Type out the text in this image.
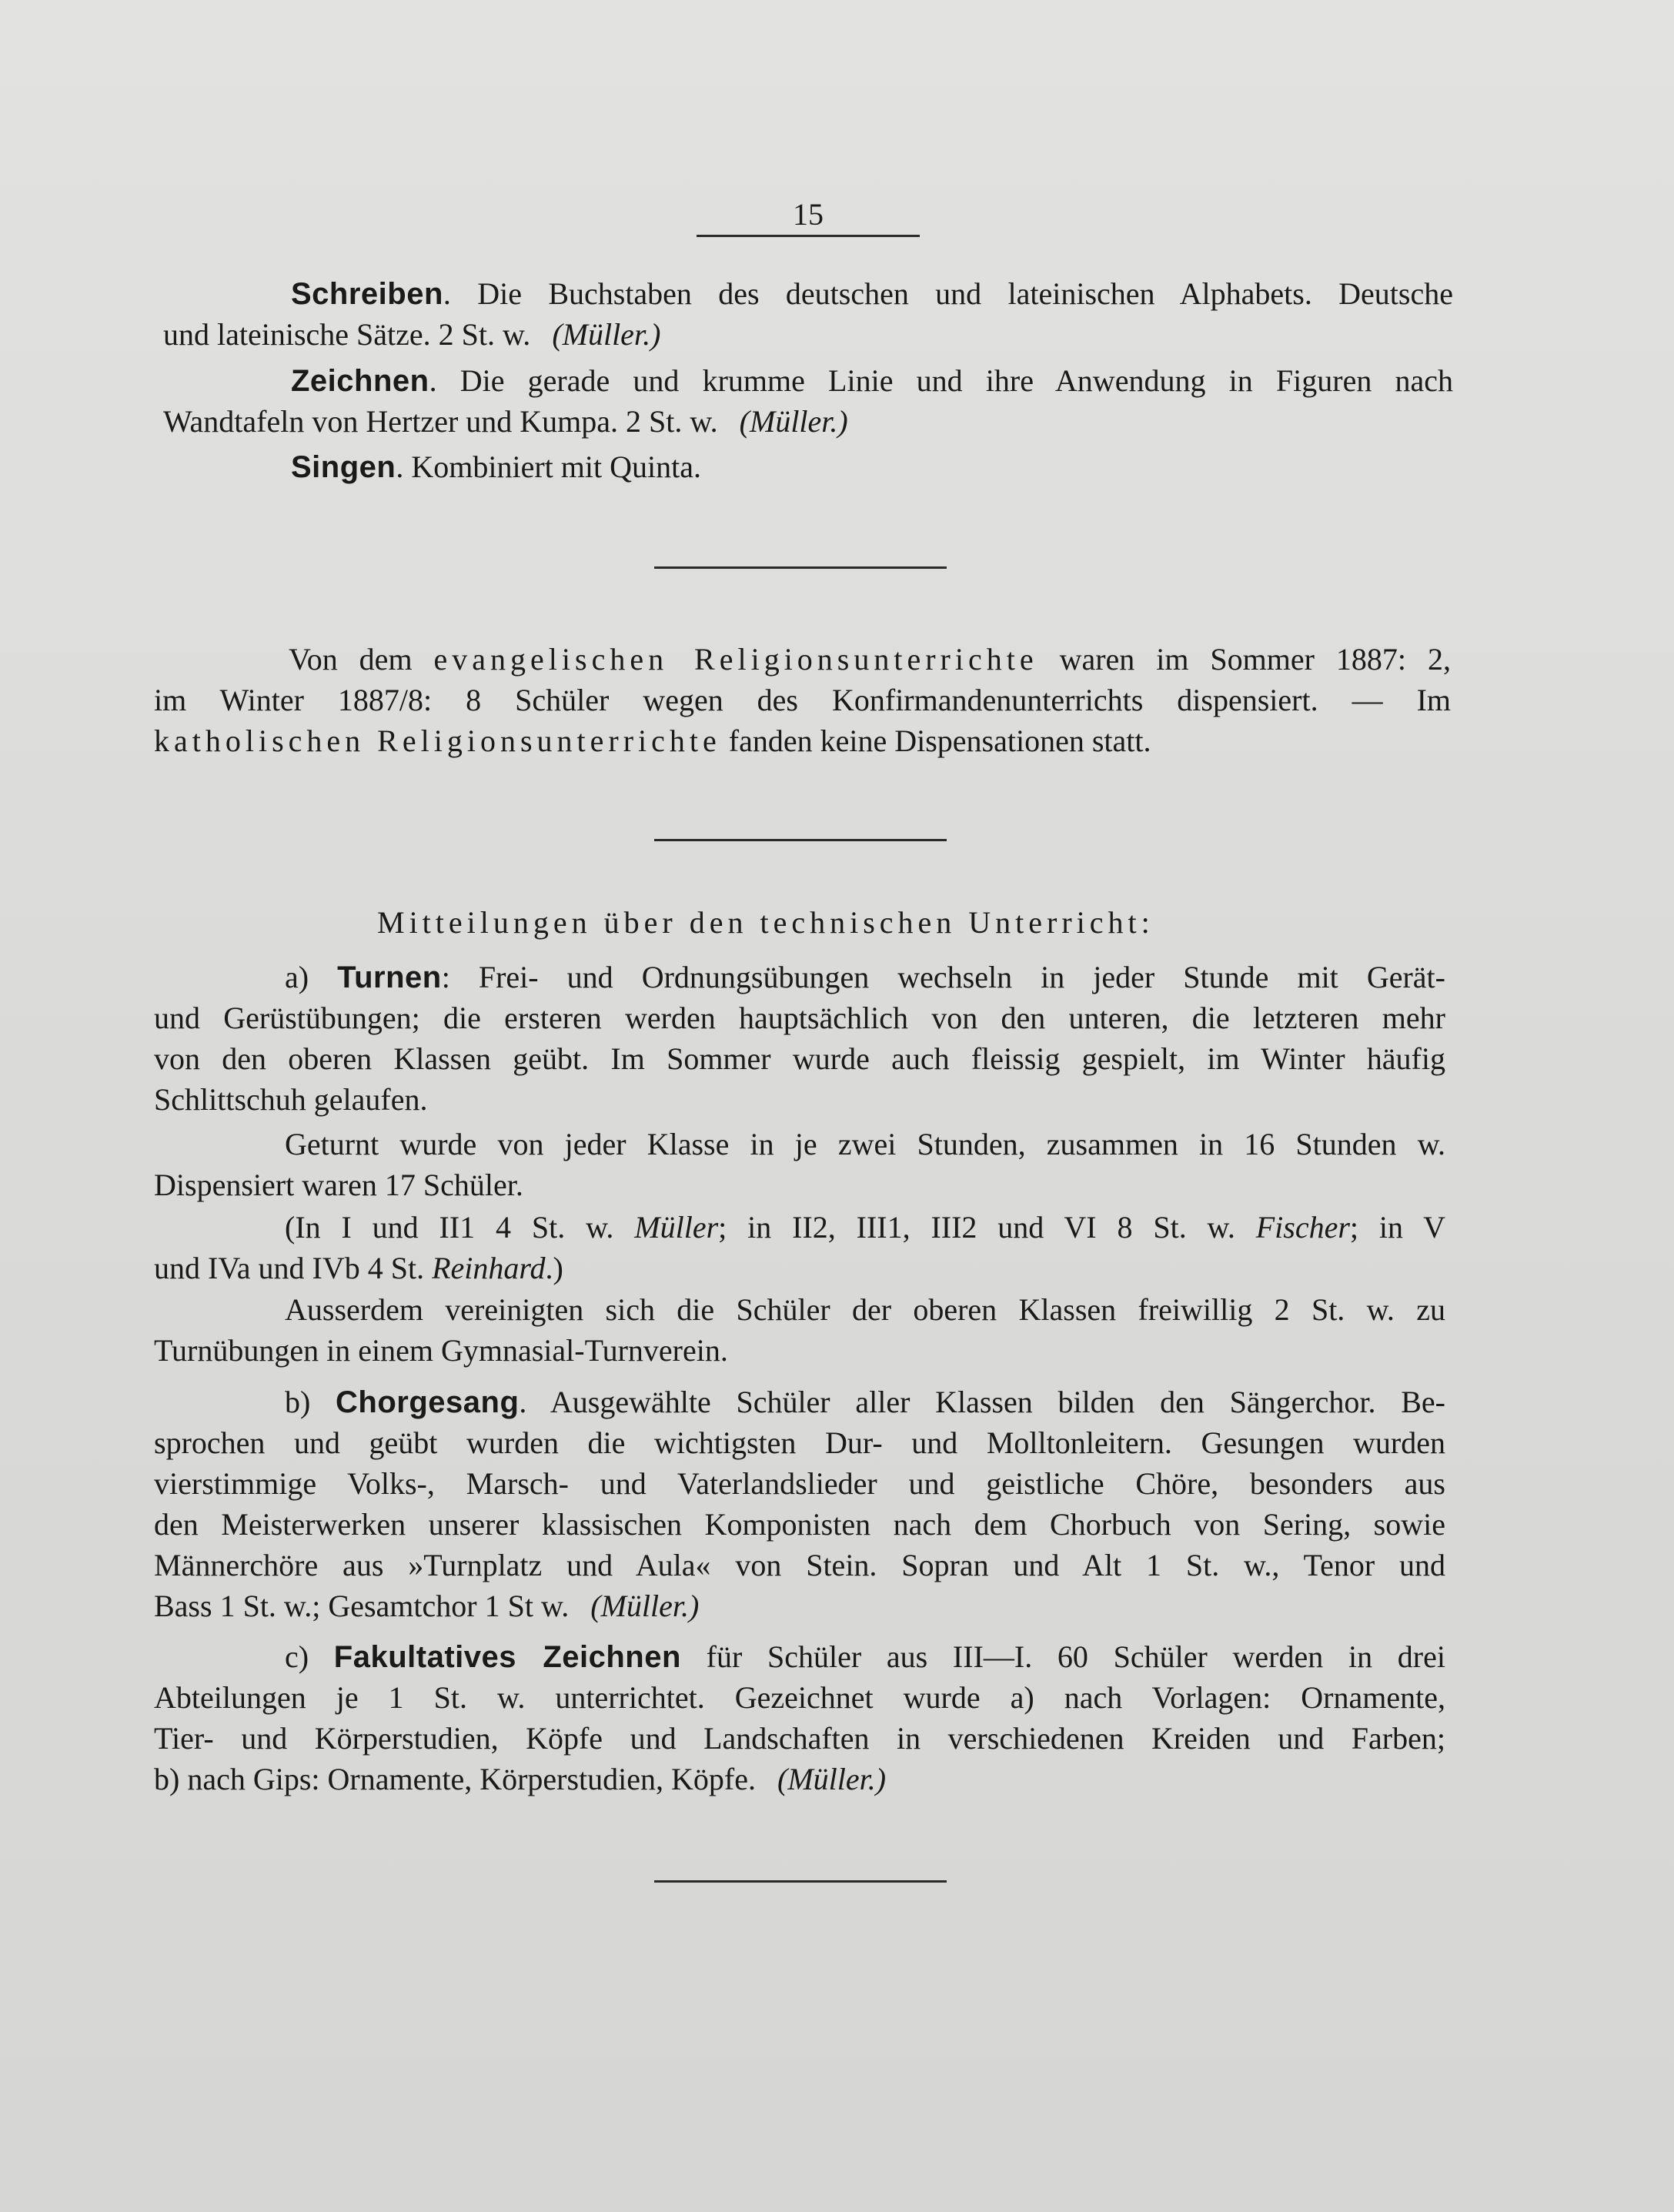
15
Schreiben. Die Buchstaben des deutschen und lateinischen Alphabets. Deutsche
und lateinische Sätze. 2 St. w. (Müller.)
Zeichnen. Die gerade und krumme Linie und ihre Anwendung in Figuren nach
Wandtafeln von Hertzer und Kumpa. 2 St. w. (Müller.)
Singen. Kombiniert mit Quinta.
Von dem evangelischen Religionsunterrichte waren im Sommer 1887: 2,
im Winter 1887/8: 8 Schüler wegen des Konfirmandenunterrichts dispensiert. — Im
katholischen Religionsunterrichte fanden keine Dispensationen statt.
Mitteilungen über den technischen Unterricht:
a) Turnen: Frei- und Ordnungsübungen wechseln in jeder Stunde mit Gerät-
und Gerüstübungen; die ersteren werden hauptsächlich von den unteren, die letzteren mehr
von den oberen Klassen geübt. Im Sommer wurde auch fleissig gespielt, im Winter häufig
Schlittschuh gelaufen.
Geturnt wurde von jeder Klasse in je zwei Stunden, zusammen in 16 Stunden w.
Dispensiert waren 17 Schüler.
(In I und II1 4 St. w. Müller; in II2, III1, III2 und VI 8 St. w. Fischer; in V
und IVa und IVb 4 St. Reinhard.)
Ausserdem vereinigten sich die Schüler der oberen Klassen freiwillig 2 St. w. zu
Turnübungen in einem Gymnasial-Turnverein.
b) Chorgesang. Ausgewählte Schüler aller Klassen bilden den Sängerchor. Be-
sprochen und geübt wurden die wichtigsten Dur- und Molltonleitern. Gesungen wurden
vierstimmige Volks-, Marsch- und Vaterlandslieder und geistliche Chöre, besonders aus
den Meisterwerken unserer klassischen Komponisten nach dem Chorbuch von Sering, sowie
Männerchöre aus »Turnplatz und Aula« von Stein. Sopran und Alt 1 St. w., Tenor und
Bass 1 St. w.; Gesamtchor 1 St w. (Müller.)
c) Fakultatives Zeichnen für Schüler aus III—I. 60 Schüler werden in drei
Abteilungen je 1 St. w. unterrichtet. Gezeichnet wurde a) nach Vorlagen: Ornamente,
Tier- und Körperstudien, Köpfe und Landschaften in verschiedenen Kreiden und Farben;
b) nach Gips: Ornamente, Körperstudien, Köpfe. (Müller.)
